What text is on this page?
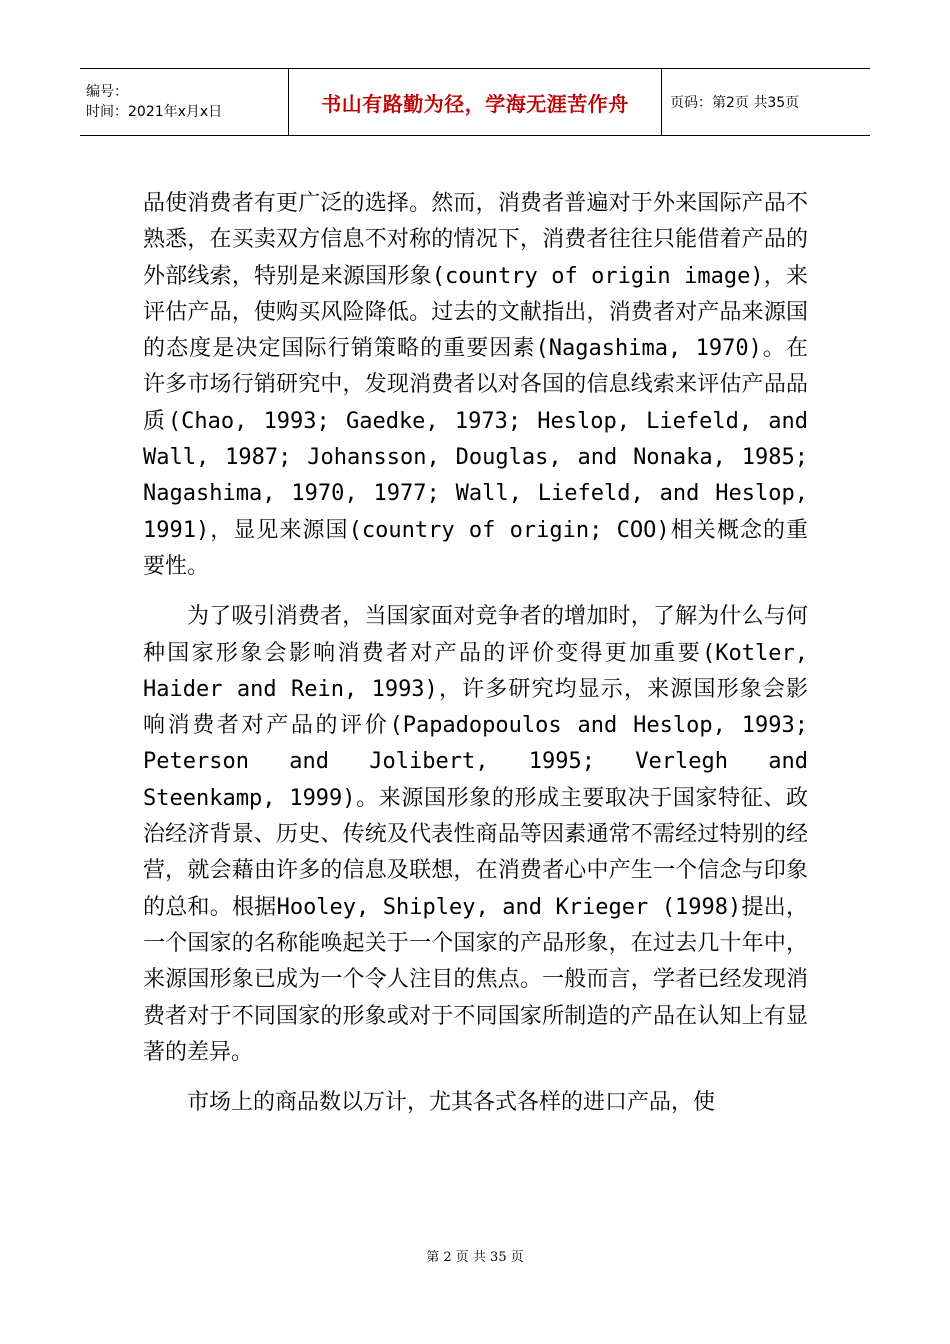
编号：
时间：2021年x月x日	书山有路勤为径，学海无涯苦作舟	页码：第2页 共35页

品使消费者有更广泛的选择。然而，消费者普遍对于外来国际产品不熟悉，在买卖双方信息不对称的情况下，消费者往往只能借着产品的外部线索，特别是来源国形象(country of origin image)，来评估产品，使购买风险降低。过去的文献指出，消费者对产品来源国的态度是决定国际行销策略的重要因素(Nagashima, 1970)。在许多市场行销研究中，发现消费者以对各国的信息线索来评估产品品质(Chao, 1993; Gaedke, 1973; Heslop, Liefeld, and Wall, 1987; Johansson, Douglas, and Nonaka, 1985; Nagashima, 1970, 1977; Wall, Liefeld, and Heslop, 1991)，显见来源国(country of origin; COO)相关概念的重要性。

为了吸引消费者，当国家面对竞争者的增加时，了解为什么与何种国家形象会影响消费者对产品的评价变得更加重要(Kotler, Haider and Rein, 1993)，许多研究均显示，来源国形象会影响消费者对产品的评价(Papadopoulos and Heslop, 1993; Peterson and Jolibert, 1995; Verlegh and Steenkamp, 1999)。来源国形象的形成主要取决于国家特征、政治经济背景、历史、传统及代表性商品等因素通常不需经过特别的经营，就会藉由许多的信息及联想，在消费者心中产生一个信念与印象的总和。根据Hooley, Shipley, and Krieger (1998)提出，一个国家的名称能唤起关于一个国家的产品形象，在过去几十年中，来源国形象已成为一个令人注目的焦点。一般而言，学者已经发现消费者对于不同国家的形象或对于不同国家所制造的产品在认知上有显著的差异。

市场上的商品数以万计，尤其各式各样的进口产品，使

第 2 页 共 35 页
